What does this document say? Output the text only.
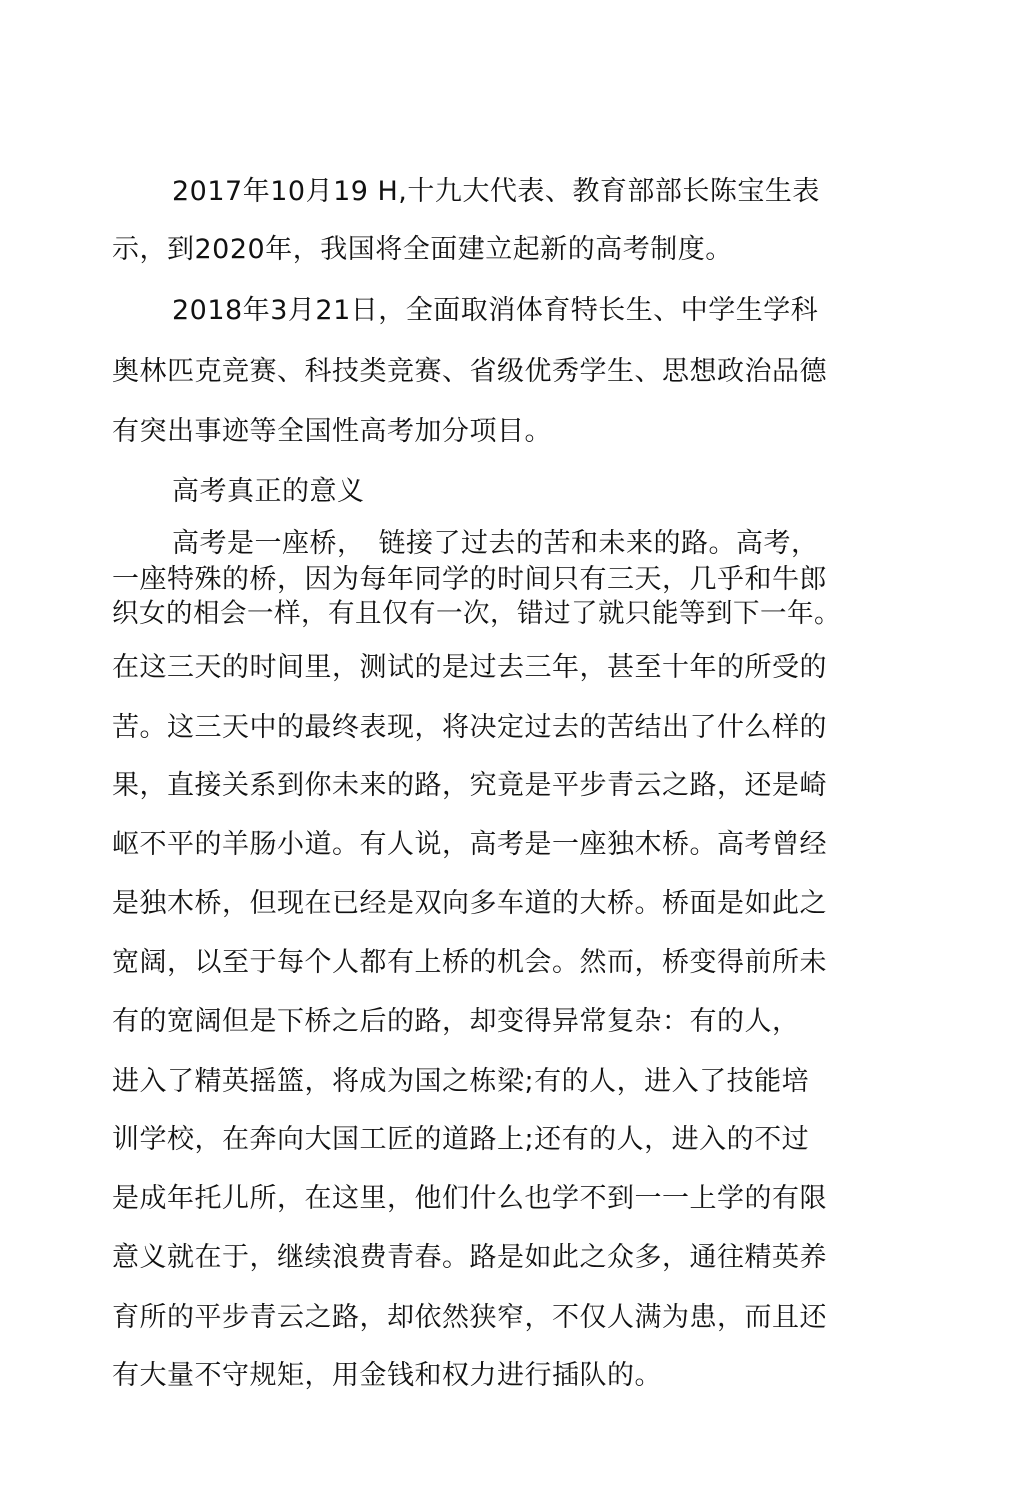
2017年10月19 H,十九大代表、教育部部长陈宝生表
示，到2020年，我国将全面建立起新的高考制度。
2018年3月21日，全面取消体育特长生、中学生学科
奥林匹克竞赛、科技类竞赛、省级优秀学生、思想政治品德
有突出事迹等全国性高考加分项目。
高考真正的意义
高考是一座桥，　链接了过去的苦和未来的路。高考，
一座特殊的桥，因为每年同学的时间只有三天，几乎和牛郎
织女的相会一样，有且仅有一次，错过了就只能等到下一年。
在这三天的时间里，测试的是过去三年，甚至十年的所受的
苦。这三天中的最终表现，将决定过去的苦结出了什么样的
果，直接关系到你未来的路，究竟是平步青云之路，还是崎
岖不平的羊肠小道。有人说，高考是一座独木桥。高考曾经
是独木桥，但现在已经是双向多车道的大桥。桥面是如此之
宽阔，以至于每个人都有上桥的机会。然而，桥变得前所未
有的宽阔但是下桥之后的路，却变得异常复杂：有的人，
进入了精英摇篮，将成为国之栋梁;有的人，进入了技能培
训学校，在奔向大国工匠的道路上;还有的人，进入的不过
是成年托儿所，在这里，他们什么也学不到一一上学的有限
意义就在于，继续浪费青春。路是如此之众多，通往精英养
育所的平步青云之路，却依然狭窄，不仅人满为患，而且还
有大量不守规矩，用金钱和权力进行插队的。
